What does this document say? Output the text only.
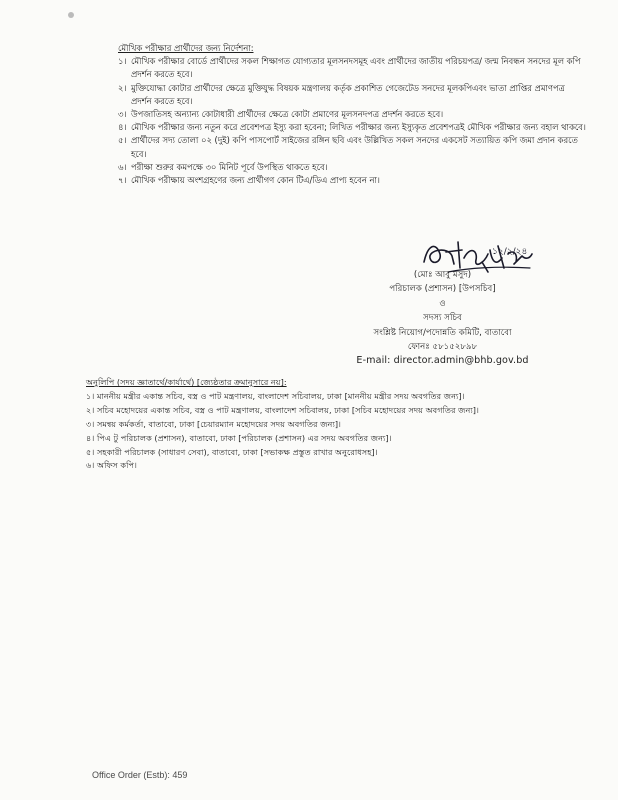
মৌখিক পরীক্ষার প্রার্থীদের জন্য নির্দেশনা:
১। মৌখিক পরীক্ষার বোর্ডে প্রার্থীদের সকল শিক্ষাগত যোগ্যতার মূলসনদসমূহ এবং প্রার্থীদের জাতীয় পরিচয়পত্র/ জন্ম নিবন্ধন সনদের মূল কপি প্রদর্শন করতে হবে।
২। মুক্তিযোদ্ধা কোটার প্রার্থীদের ক্ষেত্রে মুক্তিযুদ্ধ বিষয়ক মন্ত্রণালয় কর্তৃক প্রকাশিত গেজেটেড সনদের মূলকপিএবং ভাতা প্রাপ্তির প্রমাণপত্র প্রদর্শন করতে হবে।
৩। উপজাতিসহ অন্যান্য কোটাধারী প্রার্থীদের ক্ষেত্রে কোটা প্রমাণের মূলসনদপত্র প্রদর্শন করতে হবে।
৪। মৌখিক পরীক্ষার জন্য নতুন করে প্রবেশপত্র ইস্যু করা হবেনা; লিখিত পরীক্ষার জন্য ইস্যুকৃত প্রবেশপত্রই মৌখিক পরীক্ষার জন্য বহাল থাকবে।
৫। প্রার্থীদের সদ্য তোলা ০২ (দুই) কপি পাসপোর্ট সাইজের রঙ্গিন ছবি এবং উল্লিখিত সকল সনদের একসেট সত্যায়িত কপি জমা প্রদান করতে হবে।
৬। পরীক্ষা শুরুর কমপক্ষে ৩০ মিনিট পূর্বে উপস্থিত থাকতে হবে।
৭। মৌখিক পরীক্ষায় অংশগ্রহণের জন্য প্রার্থীগণ কোন টিএ/ডিএ প্রাপ্য হবেন না।
১২/২/২৪
(মোঃ আবু মসুদ)
পরিচালক (প্রশাসন) [উপসচিব]
ও
সদস্য সচিব
সংশ্লিষ্ট নিয়োগ/পদোন্নতি কমিটি, বাতাবো
ফোনঃ ৫৮১৫২৮৯৮
E-mail: director.admin@bhb.gov.bd
অনুলিপি (সদয় জ্ঞাতার্থে/কার্যার্থে) [জ্যেষ্ঠতার ক্রমানুসারে নয়]:
১। মাননীয় মন্ত্রীর একান্ত সচিব, বস্ত্র ও পাট মন্ত্রণালয়, বাংলাদেশ সচিবালয়, ঢাকা [মাননীয় মন্ত্রীর সদয় অবগতির জন্য]।
২। সচিব মহোদয়ের একান্ত সচিব, বস্ত্র ও পাট মন্ত্রণালয়, বাংলাদেশ সচিবালয়, ঢাকা [সচিব মহোদয়ের সদয় অবগতির জন্য]।
৩। সমন্বয় কর্মকর্তা, বাতাবো, ঢাকা [চেয়ারম্যান মহোদয়ের সদয় অবগতির জন্য]।
৪। পিএ টু পরিচালক (প্রশাসন), বাতাবো, ঢাকা [পরিচালক (প্রশাসন) এর সদয় অবগতির জন্য]।
৫। সহকারী পরিচালক (সাধারণ সেবা), বাতাবো, ঢাকা [সভাকক্ষ প্রস্তুত রাখার অনুরোধসহ]।
৬। অফিস কপি।
Office Order (Estb): 459
